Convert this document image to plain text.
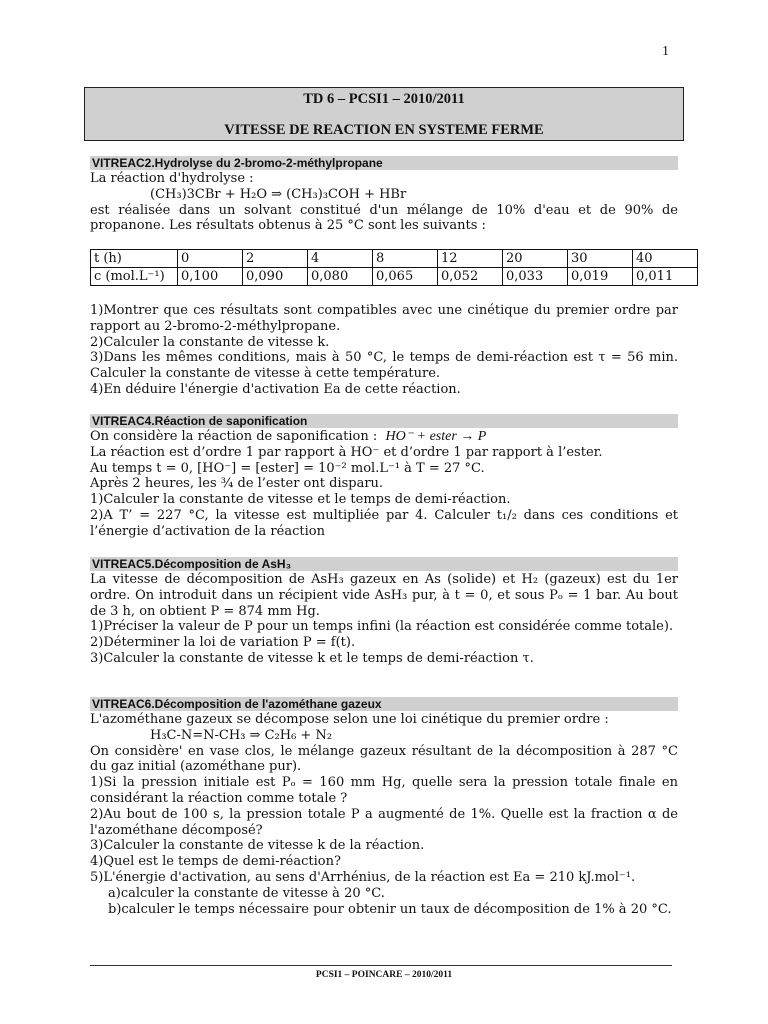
1
TD 6 – PCSI1 – 2010/2011
VITESSE DE REACTION EN SYSTEME FERME
VITREAC2.Hydrolyse du 2-bromo-2-méthylpropane

La réaction d'hydrolyse :

(CH₃)3CBr + H₂O ⇒ (CH₃)₃COH + HBr

est réalisée dans un solvant constitué d'un mélange de 10% d'eau et de 90% de propanone. Les résultats obtenus à 25 °C sont les suivants :

t (h)	0	2	4	8	12	20	30	40
c (mol.L⁻¹)	0,100	0,090	0,080	0,065	0,052	0,033	0,019	0,011

1)Montrer que ces résultats sont compatibles avec une cinétique du premier ordre par rapport au 2-bromo-2-méthylpropane.

2)Calculer la constante de vitesse k.

3)Dans les mêmes conditions, mais à 50 °C, le temps de demi-réaction est τ = 56 min. Calculer la constante de vitesse à cette température.

4)En déduire l'énergie d'activation Ea de cette réaction.

VITREAC4.Réaction de saponification

On considère la réaction de saponification : HO⁻ + ester → P

La réaction est d’ordre 1 par rapport à HO⁻ et d’ordre 1 par rapport à l’ester.

Au temps t = 0, [HO⁻] = [ester] = 10⁻² mol.L⁻¹ à T = 27 °C.

Après 2 heures, les ¾ de l’ester ont disparu.

1)Calculer la constante de vitesse et le temps de demi-réaction.

2)A T’ = 227 °C, la vitesse est multipliée par 4. Calculer t₁/₂ dans ces conditions et l’énergie d’activation de la réaction

VITREAC5.Décomposition de AsH₃

La vitesse de décomposition de AsH₃ gazeux en As (solide) et H₂ (gazeux) est du 1er ordre. On introduit dans un récipient vide AsH₃ pur, à t = 0, et sous Pₒ = 1 bar. Au bout de 3 h, on obtient P = 874 mm Hg.

1)Préciser la valeur de P pour un temps infini (la réaction est considérée comme totale).

2)Déterminer la loi de variation P = f(t).

3)Calculer la constante de vitesse k et le temps de demi-réaction τ.

VITREAC6.Décomposition de l'azométhane gazeux

L'azométhane gazeux se décompose selon une loi cinétique du premier ordre :

H₃C-N=N-CH₃ ⇒ C₂H₆ + N₂

On considère' en vase clos, le mélange gazeux résultant de la décomposition à 287 °C du gaz initial (azométhane pur).

1)Si la pression initiale est Pₒ = 160 mm Hg, quelle sera la pression totale finale en considérant la réaction comme totale ?

2)Au bout de 100 s, la pression totale P a augmenté de 1%. Quelle est la fraction α de l'azométhane décomposé?

3)Calculer la constante de vitesse k de la réaction.

4)Quel est le temps de demi-réaction?

5)L'énergie d'activation, au sens d'Arrhénius, de la réaction est Ea = 210 kJ.mol⁻¹.

a)calculer la constante de vitesse à 20 °C.

b)calculer le temps nécessaire pour obtenir un taux de décomposition de 1% à 20 °C.

PCSI1 – POINCARE – 2010/2011
